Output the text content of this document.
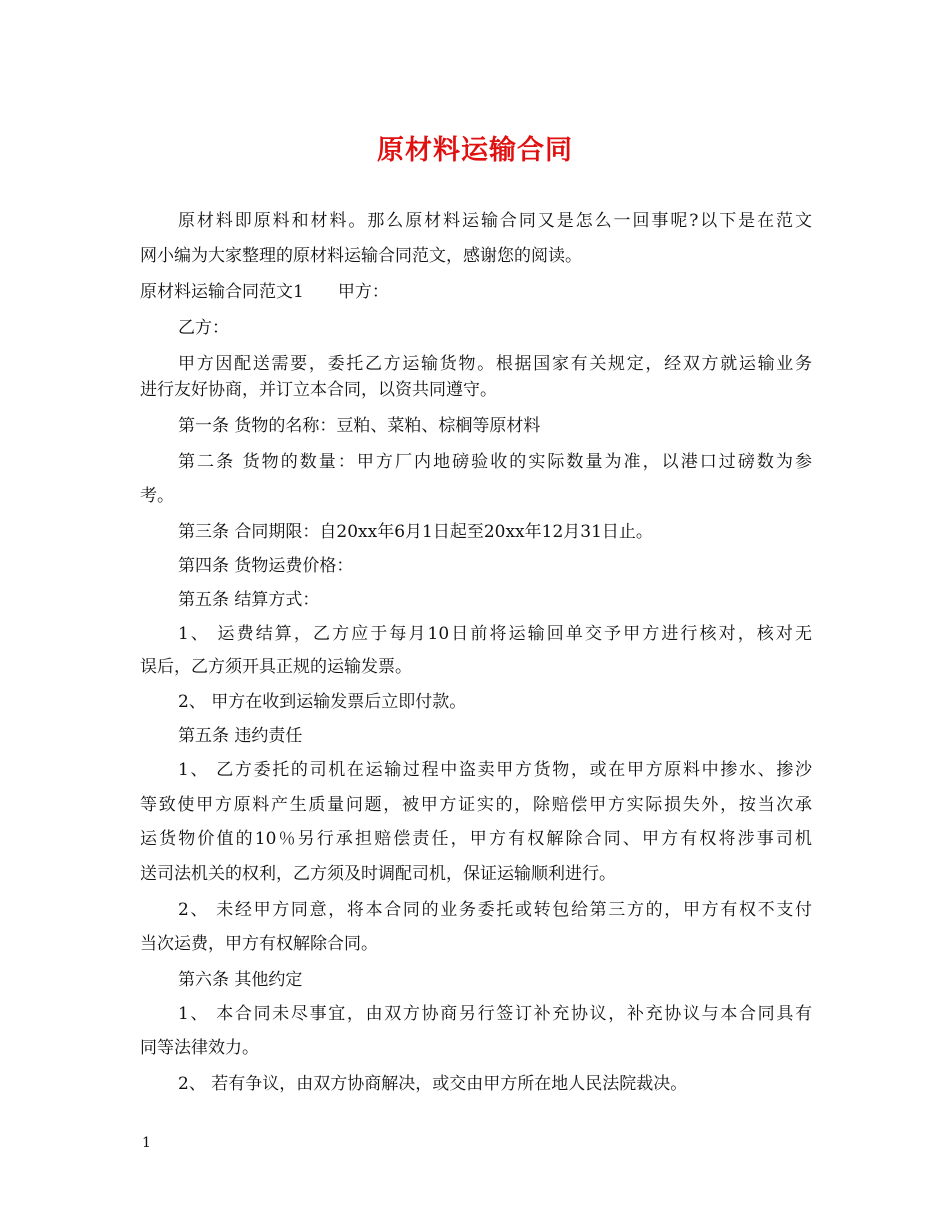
原材料运输合同
原材料即原料和材料。那么原材料运输合同又是怎么一回事呢?以下是在范文
网小编为大家整理的原材料运输合同范文，感谢您的阅读。
原材料运输合同范文1　　甲方：
乙方：
甲方因配送需要，委托乙方运输货物。根据国家有关规定，经双方就运输业务
进行友好协商，并订立本合同，以资共同遵守。
第一条 货物的名称：豆粕、菜粕、棕榈等原材料
第二条 货物的数量：甲方厂内地磅验收的实际数量为准，以港口过磅数为参
考。
第三条 合同期限：自20xx年6月1日起至20xx年12月31日止。
第四条 货物运费价格：
第五条 结算方式：
1、 运费结算，乙方应于每月10日前将运输回单交予甲方进行核对，核对无
误后，乙方须开具正规的运输发票。
2、 甲方在收到运输发票后立即付款。
第五条 违约责任
1、 乙方委托的司机在运输过程中盗卖甲方货物，或在甲方原料中掺水、掺沙
等致使甲方原料产生质量问题，被甲方证实的，除赔偿甲方实际损失外，按当次承
运货物价值的10％另行承担赔偿责任，甲方有权解除合同、甲方有权将涉事司机
送司法机关的权利，乙方须及时调配司机，保证运输顺利进行。
2、 未经甲方同意，将本合同的业务委托或转包给第三方的，甲方有权不支付
当次运费，甲方有权解除合同。
第六条 其他约定
1、 本合同未尽事宜，由双方协商另行签订补充协议，补充协议与本合同具有
同等法律效力。
2、 若有争议，由双方协商解决，或交由甲方所在地人民法院裁决。
1
